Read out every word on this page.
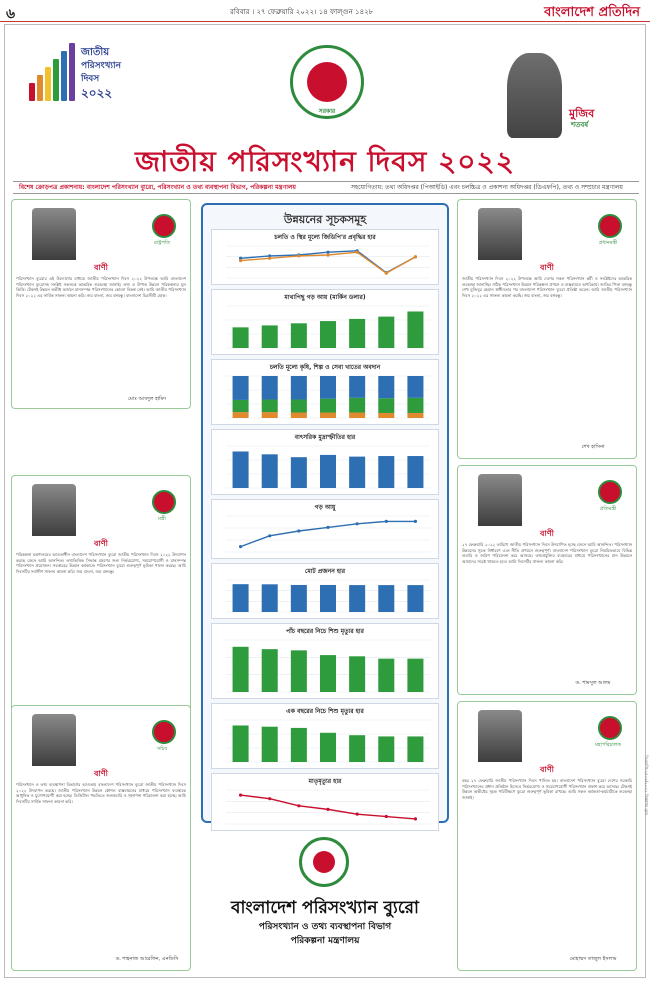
৬	রবিবার । ২৭ ফেব্রুয়ারি ২০২২। ১৪ ফাল্গুন ১৪২৮	বাংলাদেশ প্রতিদিন
জাতীয়
পরিসংখ্যান
দিবস
২০২২
সরকার	মুজিব
শতবর্ষ
জাতীয় পরিসংখ্যান দিবস ২০২২
বিশেষ ক্রোড়পত্র প্রকাশনায়: বাংলাদেশ পরিসংখ্যান ব্যুরো, পরিসংখ্যান ও তথ্য ব্যবস্থাপনা বিভাগ, পরিকল্পনা মন্ত্রণালয়	সহযোগিতায়: তথ্য অধিদপ্তর (পিআইডি) এবং চলচ্চিত্র ও প্রকাশনা অধিদপ্তর (ডিএফপি), তথ্য ও সম্প্রচার মন্ত্রণালয়
রাষ্ট্রপতি
বাণী
পরিসংখ্যান ব্যুরোর এই উদ্যোগের মাধ্যমে জাতীয় পরিসংখ্যান দিবস ২০২২ উপলক্ষে আমি বাংলাদেশ পরিসংখ্যান ব্যুরোসহ সংশ্লিষ্ট সকলকে আন্তরিক শুভেচ্ছা জানাই। তথ্য ও উপাত্ত উন্নয়ন পরিকল্পনার মূল ভিত্তি। টেকসই উন্নয়ন অভীষ্ট অর্জনে মানসম্পন্ন পরিসংখ্যানের কোনো বিকল্প নেই। আমি জাতীয় পরিসংখ্যান দিবস ২০২২ এর সার্বিক সাফল্য কামনা করি। জয় বাংলা, জয় বঙ্গবন্ধু। বাংলাদেশ চিরজীবী হোক।
মোঃ আবদুল হামিদ
মন্ত্রী
বাণী
পরিকল্পনা মন্ত্রণালয়ের আওতাধীন বাংলাদেশ পরিসংখ্যান ব্যুরো জাতীয় পরিসংখ্যান দিবস ২০২২ উদযাপন করছে জেনে আমি আনন্দিত। তথ্যভিত্তিক সিদ্ধান্ত গ্রহণের জন্য নির্ভরযোগ্য, সময়োপযোগী ও মানসম্পন্ন পরিসংখ্যান প্রয়োজন। সরকারের উন্নয়ন কর্মকাণ্ডে পরিসংখ্যান ব্যুরো গুরুত্বপূর্ণ ভূমিকা পালন করছে। আমি দিবসটির সর্বাঙ্গীণ সাফল্য কামনা করি। জয় বাংলা, জয় বঙ্গবন্ধু।
সচিব
বাণী
পরিসংখ্যান ও তথ্য ব্যবস্থাপনা বিভাগের আওতায় বাংলাদেশ পরিসংখ্যান ব্যুরো জাতীয় পরিসংখ্যান দিবস ২০২২ উদযাপন করছে। জাতীয় পরিসংখ্যান উন্নয়ন কৌশল বাস্তবায়নের মাধ্যমে পরিসংখ্যান ব্যবস্থাকে আধুনিক ও যুগোপযোগী করা হচ্ছে। ডিজিটাল পদ্ধতিতে জনশুমারি ও গৃহগণনা পরিচালনা করা হচ্ছে। আমি দিবসটির সার্বিক সাফল্য কামনা করি।
ড. শাহনাজ আরেফিন, এনডিসি
প্রধানমন্ত্রী
বাণী
জাতীয় পরিসংখ্যান দিবস ২০২২ উপলক্ষে আমি দেশের সকল পরিসংখ্যান কর্মী ও সংশ্লিষ্টদের আন্তরিক শুভেচ্ছা জানাচ্ছি। সঠিক পরিসংখ্যান উন্নয়ন পরিকল্পনা প্রণয়ন ও বাস্তবায়নে অপরিহার্য। জাতির পিতা বঙ্গবন্ধু শেখ মুজিবুর রহমান স্বাধীনতার পর বাংলাদেশ পরিসংখ্যান ব্যুরো প্রতিষ্ঠা করেন। আমি জাতীয় পরিসংখ্যান দিবস ২০২২ এর সাফল্য কামনা করছি। জয় বাংলা, জয় বঙ্গবন্ধু।
শেখ হাসিনা
প্রতিমন্ত্রী
বাণী
২৭ ফেব্রুয়ারি ২০২২ তারিখে জাতীয় পরিসংখ্যান দিবস উদযাপিত হচ্ছে জেনে আমি আনন্দিত। পরিসংখ্যান উন্নয়নের সূচক নির্ধারণে এবং নীতি প্রণয়নে গুরুত্বপূর্ণ। বাংলাদেশ পরিসংখ্যান ব্যুরো নিয়মিতভাবে বিভিন্ন শুমারি ও জরিপ পরিচালনা করে আসছে। তথ্যপ্রযুক্তির ব্যবহারের মাধ্যমে পরিসংখ্যানের মান উন্নয়নে আমাদের সচেষ্ট থাকতে হবে। আমি দিবসটির সাফল্য কামনা করি।
ড. শামসুল আলম
মহাপরিচালক
বাণী
বছর ২৭ ফেব্রুয়ারি জাতীয় পরিসংখ্যান দিবস পালিত হয়। বাংলাদেশ পরিসংখ্যান ব্যুরো দেশের সরকারি পরিসংখ্যানের প্রধান প্রতিষ্ঠান হিসেবে নির্ভরযোগ্য ও সময়োপযোগী পরিসংখ্যান প্রকাশ করে আসছে। টেকসই উন্নয়ন অভীষ্টের সূচক পরিবীক্ষণে ব্যুরো গুরুত্বপূর্ণ ভূমিকা রাখছে। আমি সকল কর্মকর্তা-কর্মচারীকে শুভেচ্ছা জানাই।
মোহাম্মদ তাজুল ইসলাম
উন্নয়নের সূচকসমূহ
চলতি ও স্থির মূল্যে জিডিপি'র প্রবৃদ্ধির হার
মাথাপিছু গড় আয় (মার্কিন ডলার)
চলতি মূল্যে কৃষি, শিল্প ও সেবা খাতের অবদান
বাৎসরিক মুদ্রাস্ফীতির হার
গড় আয়ু
মোট প্রজনন হার
পাঁচ বছরের নিচে শিশু মৃত্যুর হার
এক বছরের নিচে শিশু মৃত্যুর হার
মাতৃমৃত্যুর হার
বাংলাদেশ পরিসংখ্যান ব্যুরো
পরিসংখ্যান ও তথ্য ব্যবস্থাপনা বিভাগ
পরিকল্পনা মন্ত্রণালয়
ডিএফপি-২৫০৬/২০২২ বিজ্ঞাপন মূল্য
